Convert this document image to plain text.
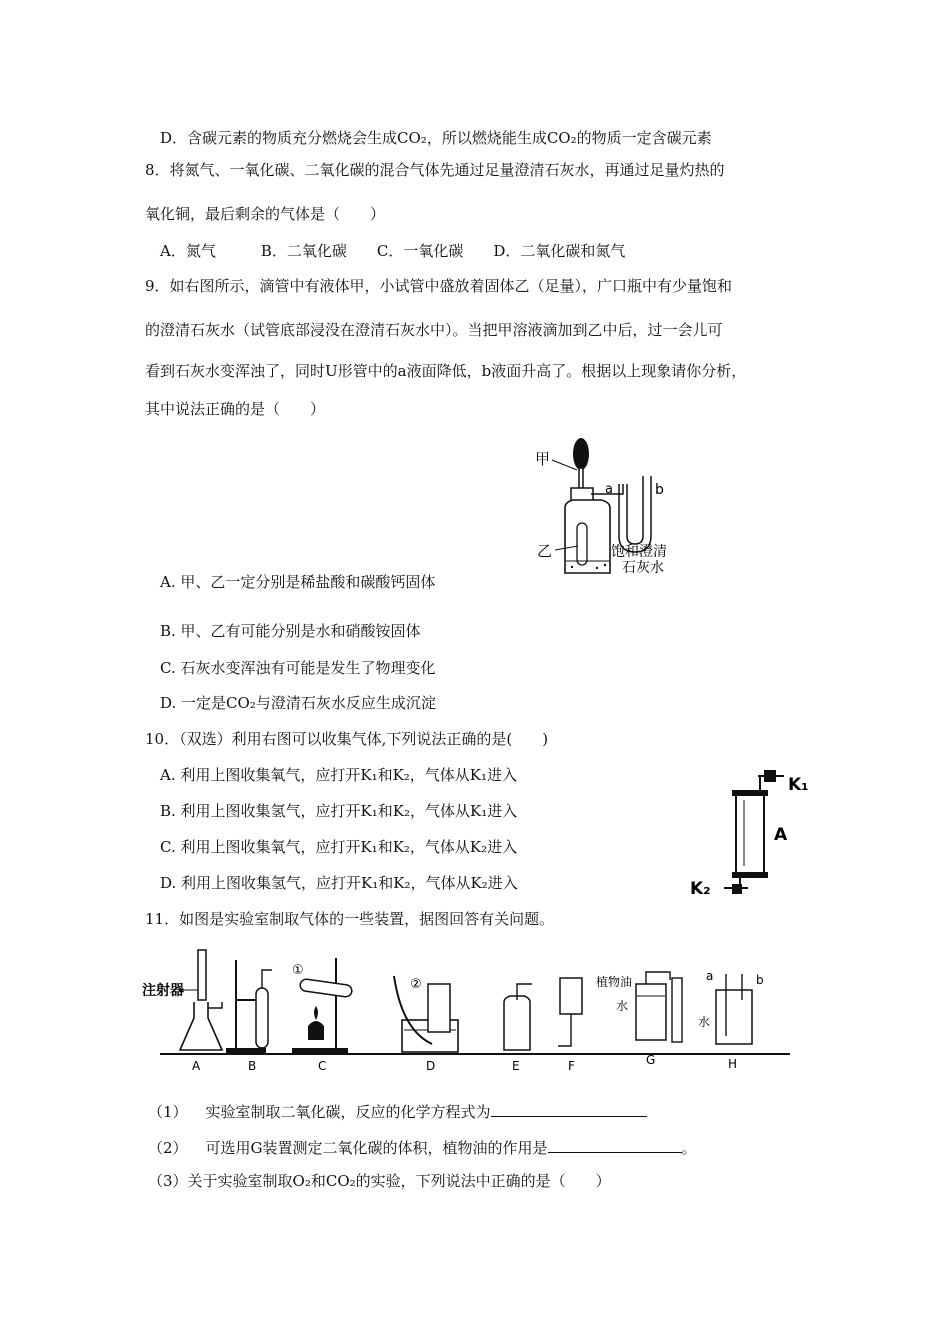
D．含碳元素的物质充分燃烧会生成CO₂，所以燃烧能生成CO₂的物质一定含碳元素
8．将氮气、一氧化碳、二氧化碳的混合气体先通过足量澄清石灰水，再通过足量灼热的
氧化铜，最后剩余的气体是（　　）
A．氮气　　　B．二氧化碳　　C．一氧化碳　　D．二氧化碳和氮气
9．如右图所示，滴管中有液体甲，小试管中盛放着固体乙（足量），广口瓶中有少量饱和
的澄清石灰水（试管底部浸没在澄清石灰水中）。当把甲溶液滴加到乙中后，过一会儿可
看到石灰水变浑浊了，同时U形管中的a液面降低，b液面升高了。根据以上现象请你分析，
其中说法正确的是（　　）
甲
乙
a	b
饱和澄清
石灰水
A. 甲、乙一定分别是稀盐酸和碳酸钙固体
B. 甲、乙有可能分别是水和硝酸铵固体
C. 石灰水变浑浊有可能是发生了物理变化
D. 一定是CO₂与澄清石灰水反应生成沉淀
10．（双选）利用右图可以收集气体,下列说法正确的是(　　)
A. 利用上图收集氧气，应打开K₁和K₂，气体从K₁进入
B. 利用上图收集氢气，应打开K₁和K₂，气体从K₁进入
C. 利用上图收集氧气，应打开K₁和K₂，气体从K₂进入
D. 利用上图收集氢气，应打开K₁和K₂，气体从K₂进入
K₁
A
K₂
11．如图是实验室制取气体的一些装置，据图回答有关问题。
注射器
①
②	植物油
水
a	b
水
A	B	C	D	E	F	G	H
（1） 实验室制取二氧化碳，反应的化学方程式为
（2） 可选用G装置测定二氧化碳的体积，植物油的作用是	。
（3）关于实验室制取O₂和CO₂的实验，下列说法中正确的是（　　）
